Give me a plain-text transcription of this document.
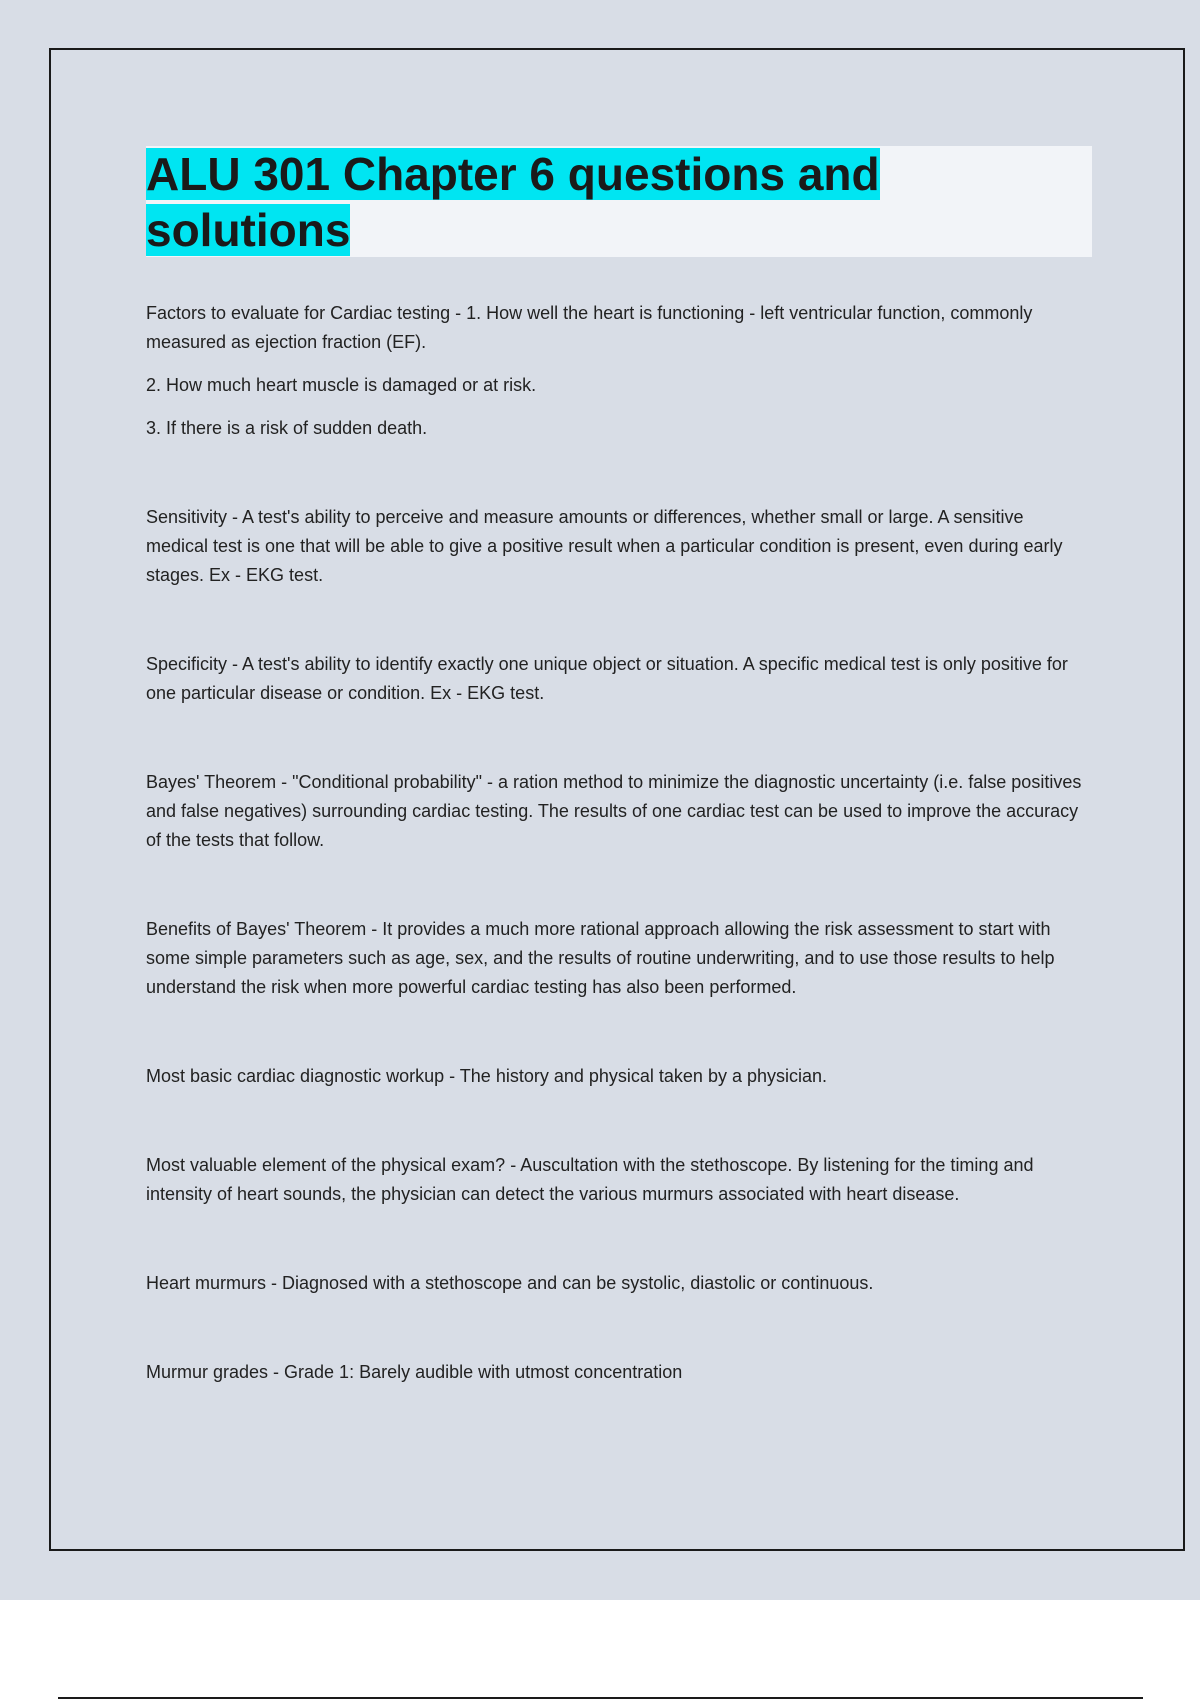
ALU 301 Chapter 6 questions and
solutions

Factors to evaluate for Cardiac testing - 1. How well the heart is functioning - left ventricular function, commonly measured as ejection fraction (EF).

2. How much heart muscle is damaged or at risk.

3. If there is a risk of sudden death.

Sensitivity - A test's ability to perceive and measure amounts or differences, whether small or large. A sensitive medical test is one that will be able to give a positive result when a particular condition is present, even during early stages. Ex - EKG test.

Specificity - A test's ability to identify exactly one unique object or situation. A specific medical test is only positive for one particular disease or condition. Ex - EKG test.

Bayes' Theorem - "Conditional probability" - a ration method to minimize the diagnostic uncertainty (i.e. false positives and false negatives) surrounding cardiac testing. The results of one cardiac test can be used to improve the accuracy of the tests that follow.

Benefits of Bayes' Theorem - It provides a much more rational approach allowing the risk assessment to start with some simple parameters such as age, sex, and the results of routine underwriting, and to use those results to help understand the risk when more powerful cardiac testing has also been performed.

Most basic cardiac diagnostic workup - The history and physical taken by a physician.

Most valuable element of the physical exam? - Auscultation with the stethoscope. By listening for the timing and intensity of heart sounds, the physician can detect the various murmurs associated with heart disease.

Heart murmurs - Diagnosed with a stethoscope and can be systolic, diastolic or continuous.

Murmur grades - Grade 1: Barely audible with utmost concentration
